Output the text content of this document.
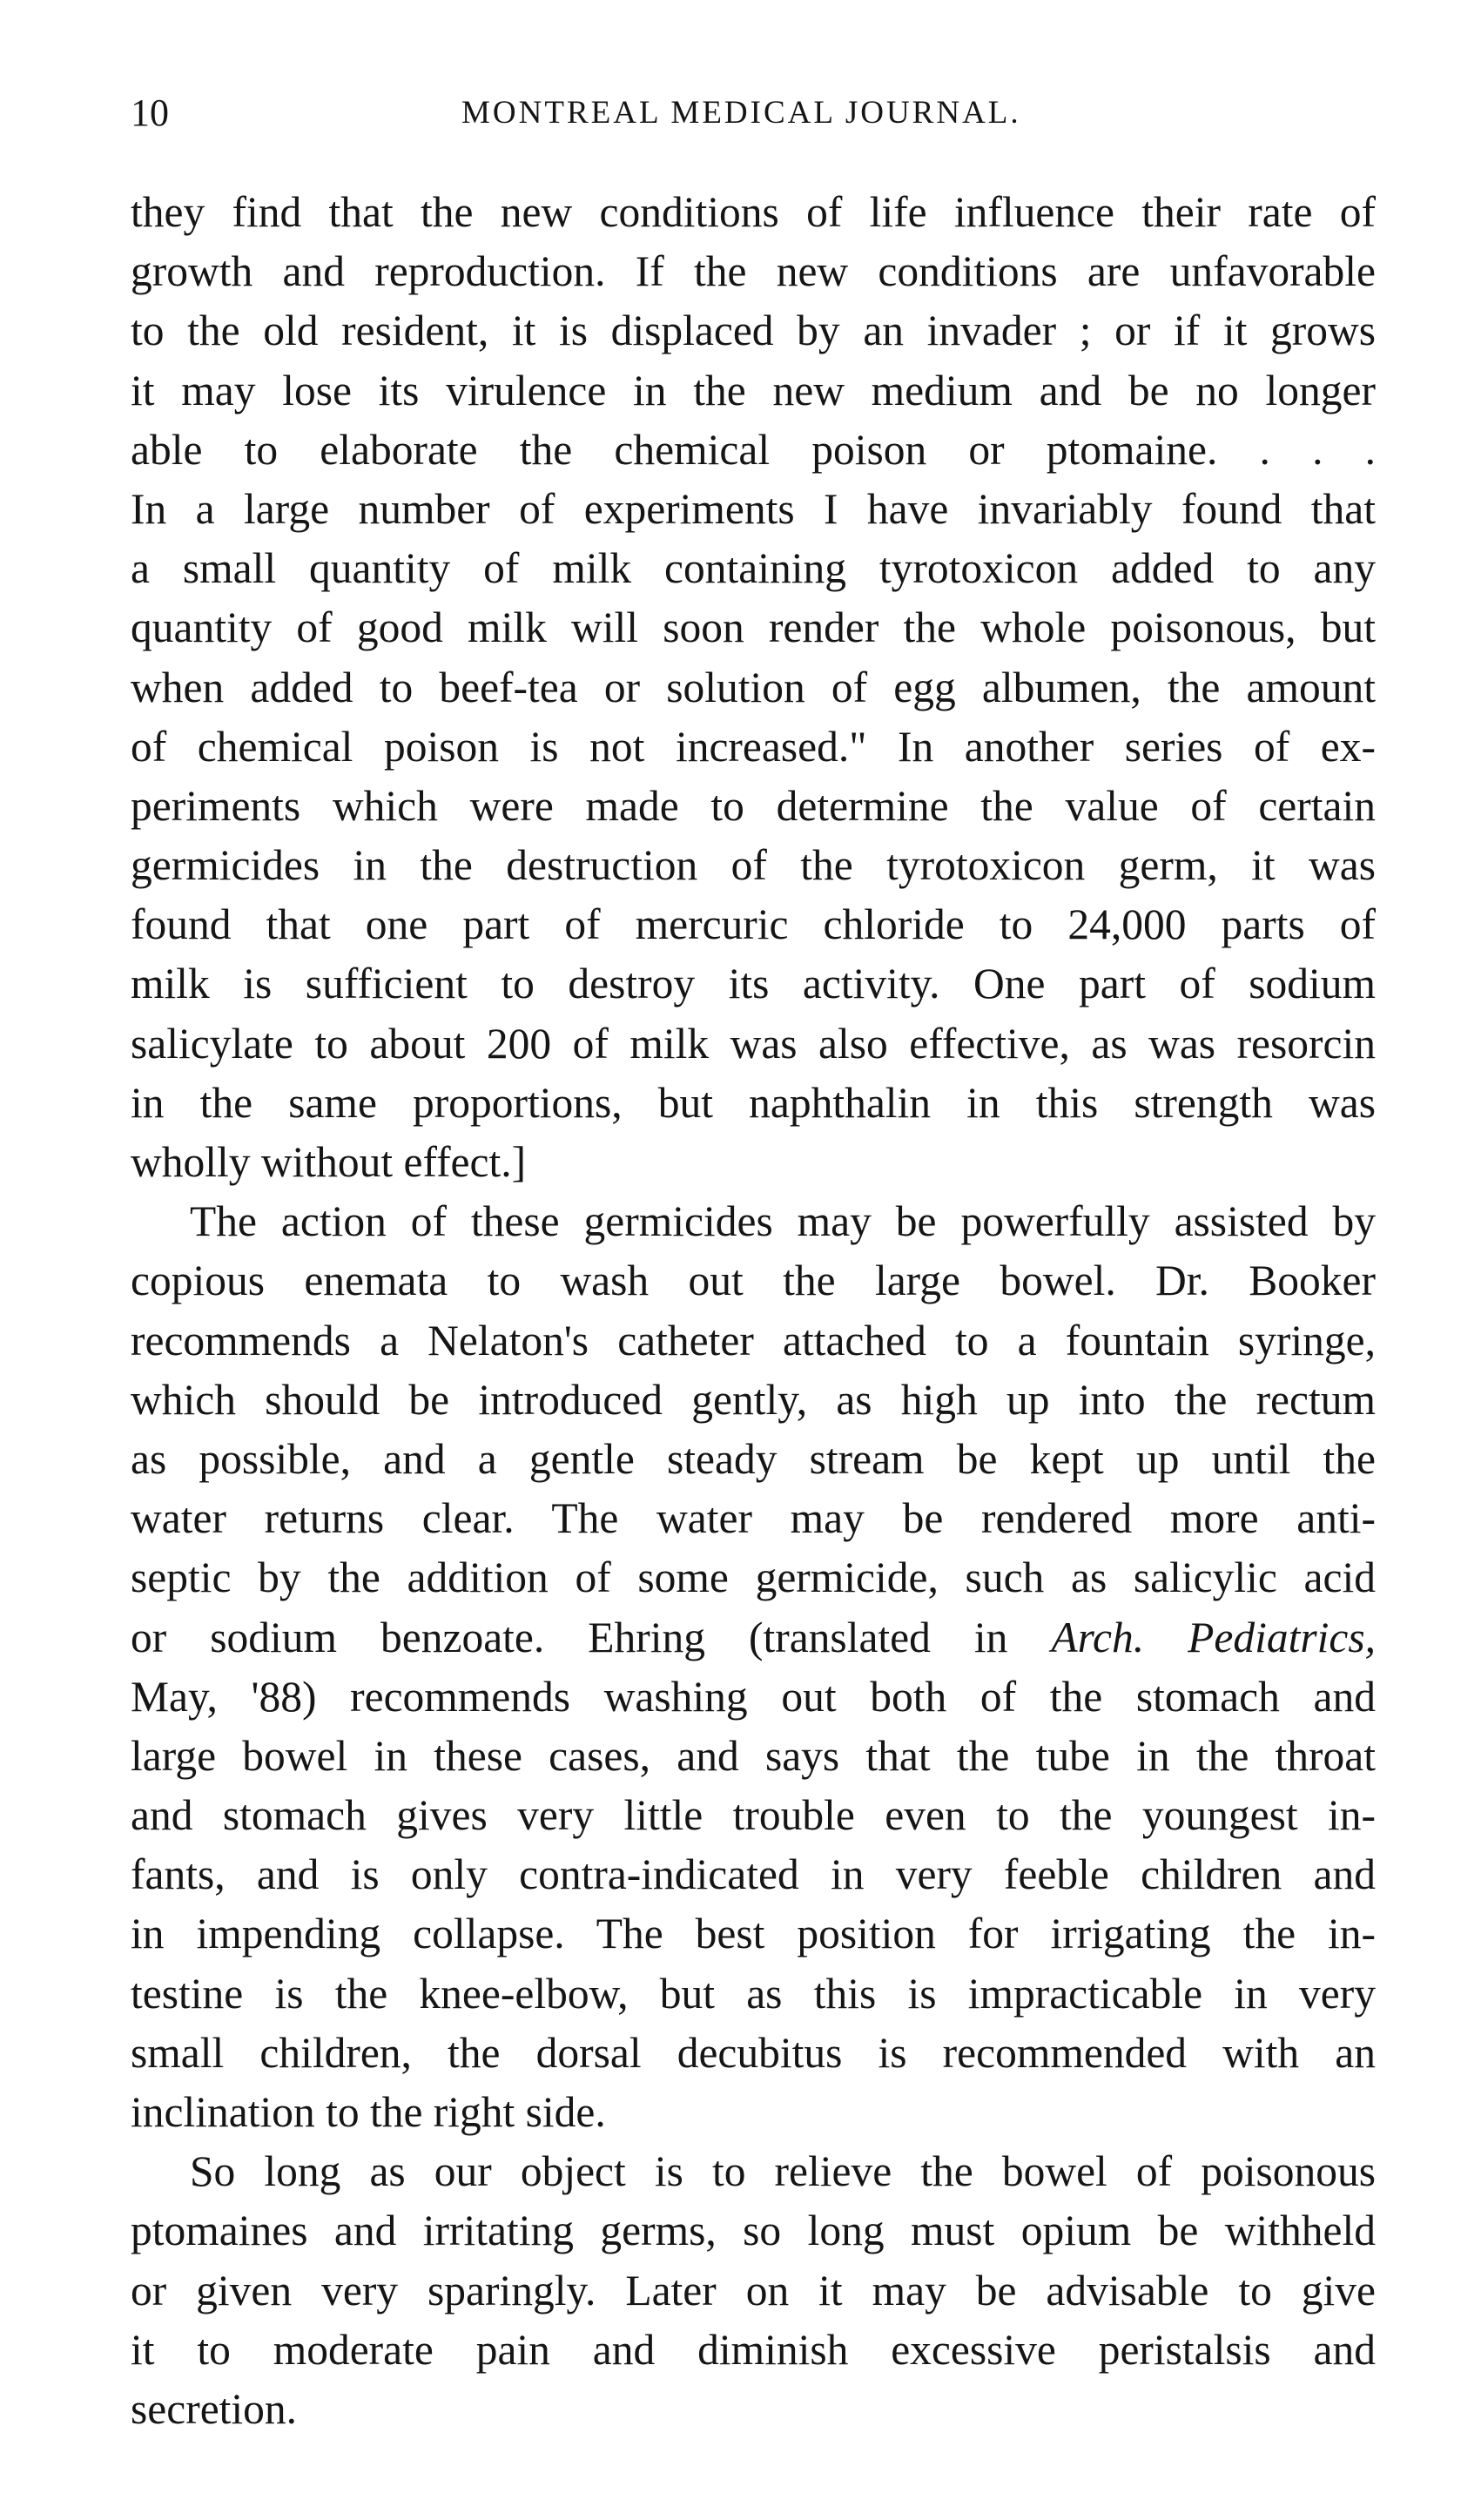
10	MONTREAL MEDICAL JOURNAL.
they find that the new conditions of life influence their rate of
growth and reproduction. If the new conditions are unfavorable
to the old resident, it is displaced by an invader ; or if it grows
it may lose its virulence in the new medium and be no longer
able to elaborate the chemical poison or ptomaine. . . .
In a large number of experiments I have invariably found that
a small quantity of milk containing tyrotoxicon added to any
quantity of good milk will soon render the whole poisonous, but
when added to beef-tea or solution of egg albumen, the amount
of chemical poison is not increased." In another series of ex-
periments which were made to determine the value of certain
germicides in the destruction of the tyrotoxicon germ, it was
found that one part of mercuric chloride to 24,000 parts of
milk is sufficient to destroy its activity. One part of sodium
salicylate to about 200 of milk was also effective, as was resorcin
in the same proportions, but naphthalin in this strength was
wholly without effect.]
The action of these germicides may be powerfully assisted by
copious enemata to wash out the large bowel. Dr. Booker
recommends a Nelaton's catheter attached to a fountain syringe,
which should be introduced gently, as high up into the rectum
as possible, and a gentle steady stream be kept up until the
water returns clear. The water may be rendered more anti-
septic by the addition of some germicide, such as salicylic acid
or sodium benzoate. Ehring (translated in Arch. Pediatrics,
May, '88) recommends washing out both of the stomach and
large bowel in these cases, and says that the tube in the throat
and stomach gives very little trouble even to the youngest in-
fants, and is only contra-indicated in very feeble children and
in impending collapse. The best position for irrigating the in-
testine is the knee-elbow, but as this is impracticable in very
small children, the dorsal decubitus is recommended with an
inclination to the right side.
So long as our object is to relieve the bowel of poisonous
ptomaines and irritating germs, so long must opium be withheld
or given very sparingly. Later on it may be advisable to give
it to moderate pain and diminish excessive peristalsis and
secretion.
